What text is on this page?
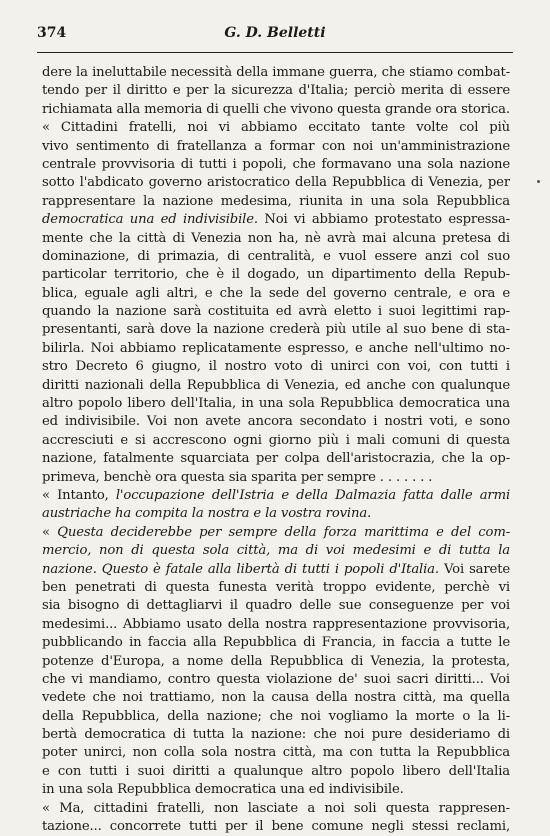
374	G. D. Belletti
dere la ineluttabile necessità della immane guerra, che stiamo combat-
tendo per il diritto e per la sicurezza d'Italia; perciò merita di essere
richiamata alla memoria di quelli che vivono questa grande ora storica.
« Cittadini fratelli, noi vi abbiamo eccitato tante volte col più
vivo sentimento di fratellanza a formar con noi un'amministrazione
centrale provvisoria di tutti i popoli, che formavano una sola nazione
sotto l'abdicato governo aristocratico della Repubblica di Venezia, per
rappresentare la nazione medesima, riunita in una sola Repubblica
democratica una ed indivisibile. Noi vi abbiamo protestato espressa-
mente che la città di Venezia non ha, nè avrà mai alcuna pretesa di
dominazione, di primazia, di centralità, e vuol essere anzi col suo
particolar territorio, che è il dogado, un dipartimento della Repub-
blica, eguale agli altri, e che la sede del governo centrale, e ora e
quando la nazione sarà costituita ed avrà eletto i suoi legittimi rap-
presentanti, sarà dove la nazione crederà più utile al suo bene di sta-
bilirla. Noi abbiamo replicatamente espresso, e anche nell'ultimo no-
stro Decreto 6 giugno, il nostro voto di unirci con voi, con tutti i
diritti nazionali della Repubblica di Venezia, ed anche con qualunque
altro popolo libero dell'Italia, in una sola Repubblica democratica una
ed indivisibile. Voi non avete ancora secondato i nostri voti, e sono
accresciuti e si accrescono ogni giorno più i mali comuni di questa
nazione, fatalmente squarciata per colpa dell'aristocrazia, che la op-
primeva, benchè ora questa sia sparita per sempre . . . . . . .
« Intanto, l'occupazione dell'Istria e della Dalmazia fatta dalle armi
austriache ha compita la nostra e la vostra rovina.
« Questa deciderebbe per sempre della forza marittima e del com-
mercio, non di questa sola città, ma di voi medesimi e di tutta la
nazione. Questo è fatale alla libertà di tutti i popoli d'Italia. Voi sarete
ben penetrati di questa funesta verità troppo evidente, perchè vi
sia bisogno di dettagliarvi il quadro delle sue conseguenze per voi
medesimi... Abbiamo usato della nostra rappresentazione provvisoria,
pubblicando in faccia alla Repubblica di Francia, in faccia a tutte le
potenze d'Europa, a nome della Repubblica di Venezia, la protesta,
che vi mandiamo, contro questa violazione de' suoi sacri diritti... Voi
vedete che noi trattiamo, non la causa della nostra città, ma quella
della Repubblica, della nazione; che noi vogliamo la morte o la li-
bertà democratica di tutta la nazione: che noi pure desideriamo di
poter unirci, non colla sola nostra città, ma con tutta la Repubblica
e con tutti i suoi diritti a qualunque altro popolo libero dell'Italia
in una sola Repubblica democratica una ed indivisibile.
« Ma, cittadini fratelli, non lasciate a noi soli questa rappresen-
tazione... concorrete tutti per il bene comune negli stessi reclami,
